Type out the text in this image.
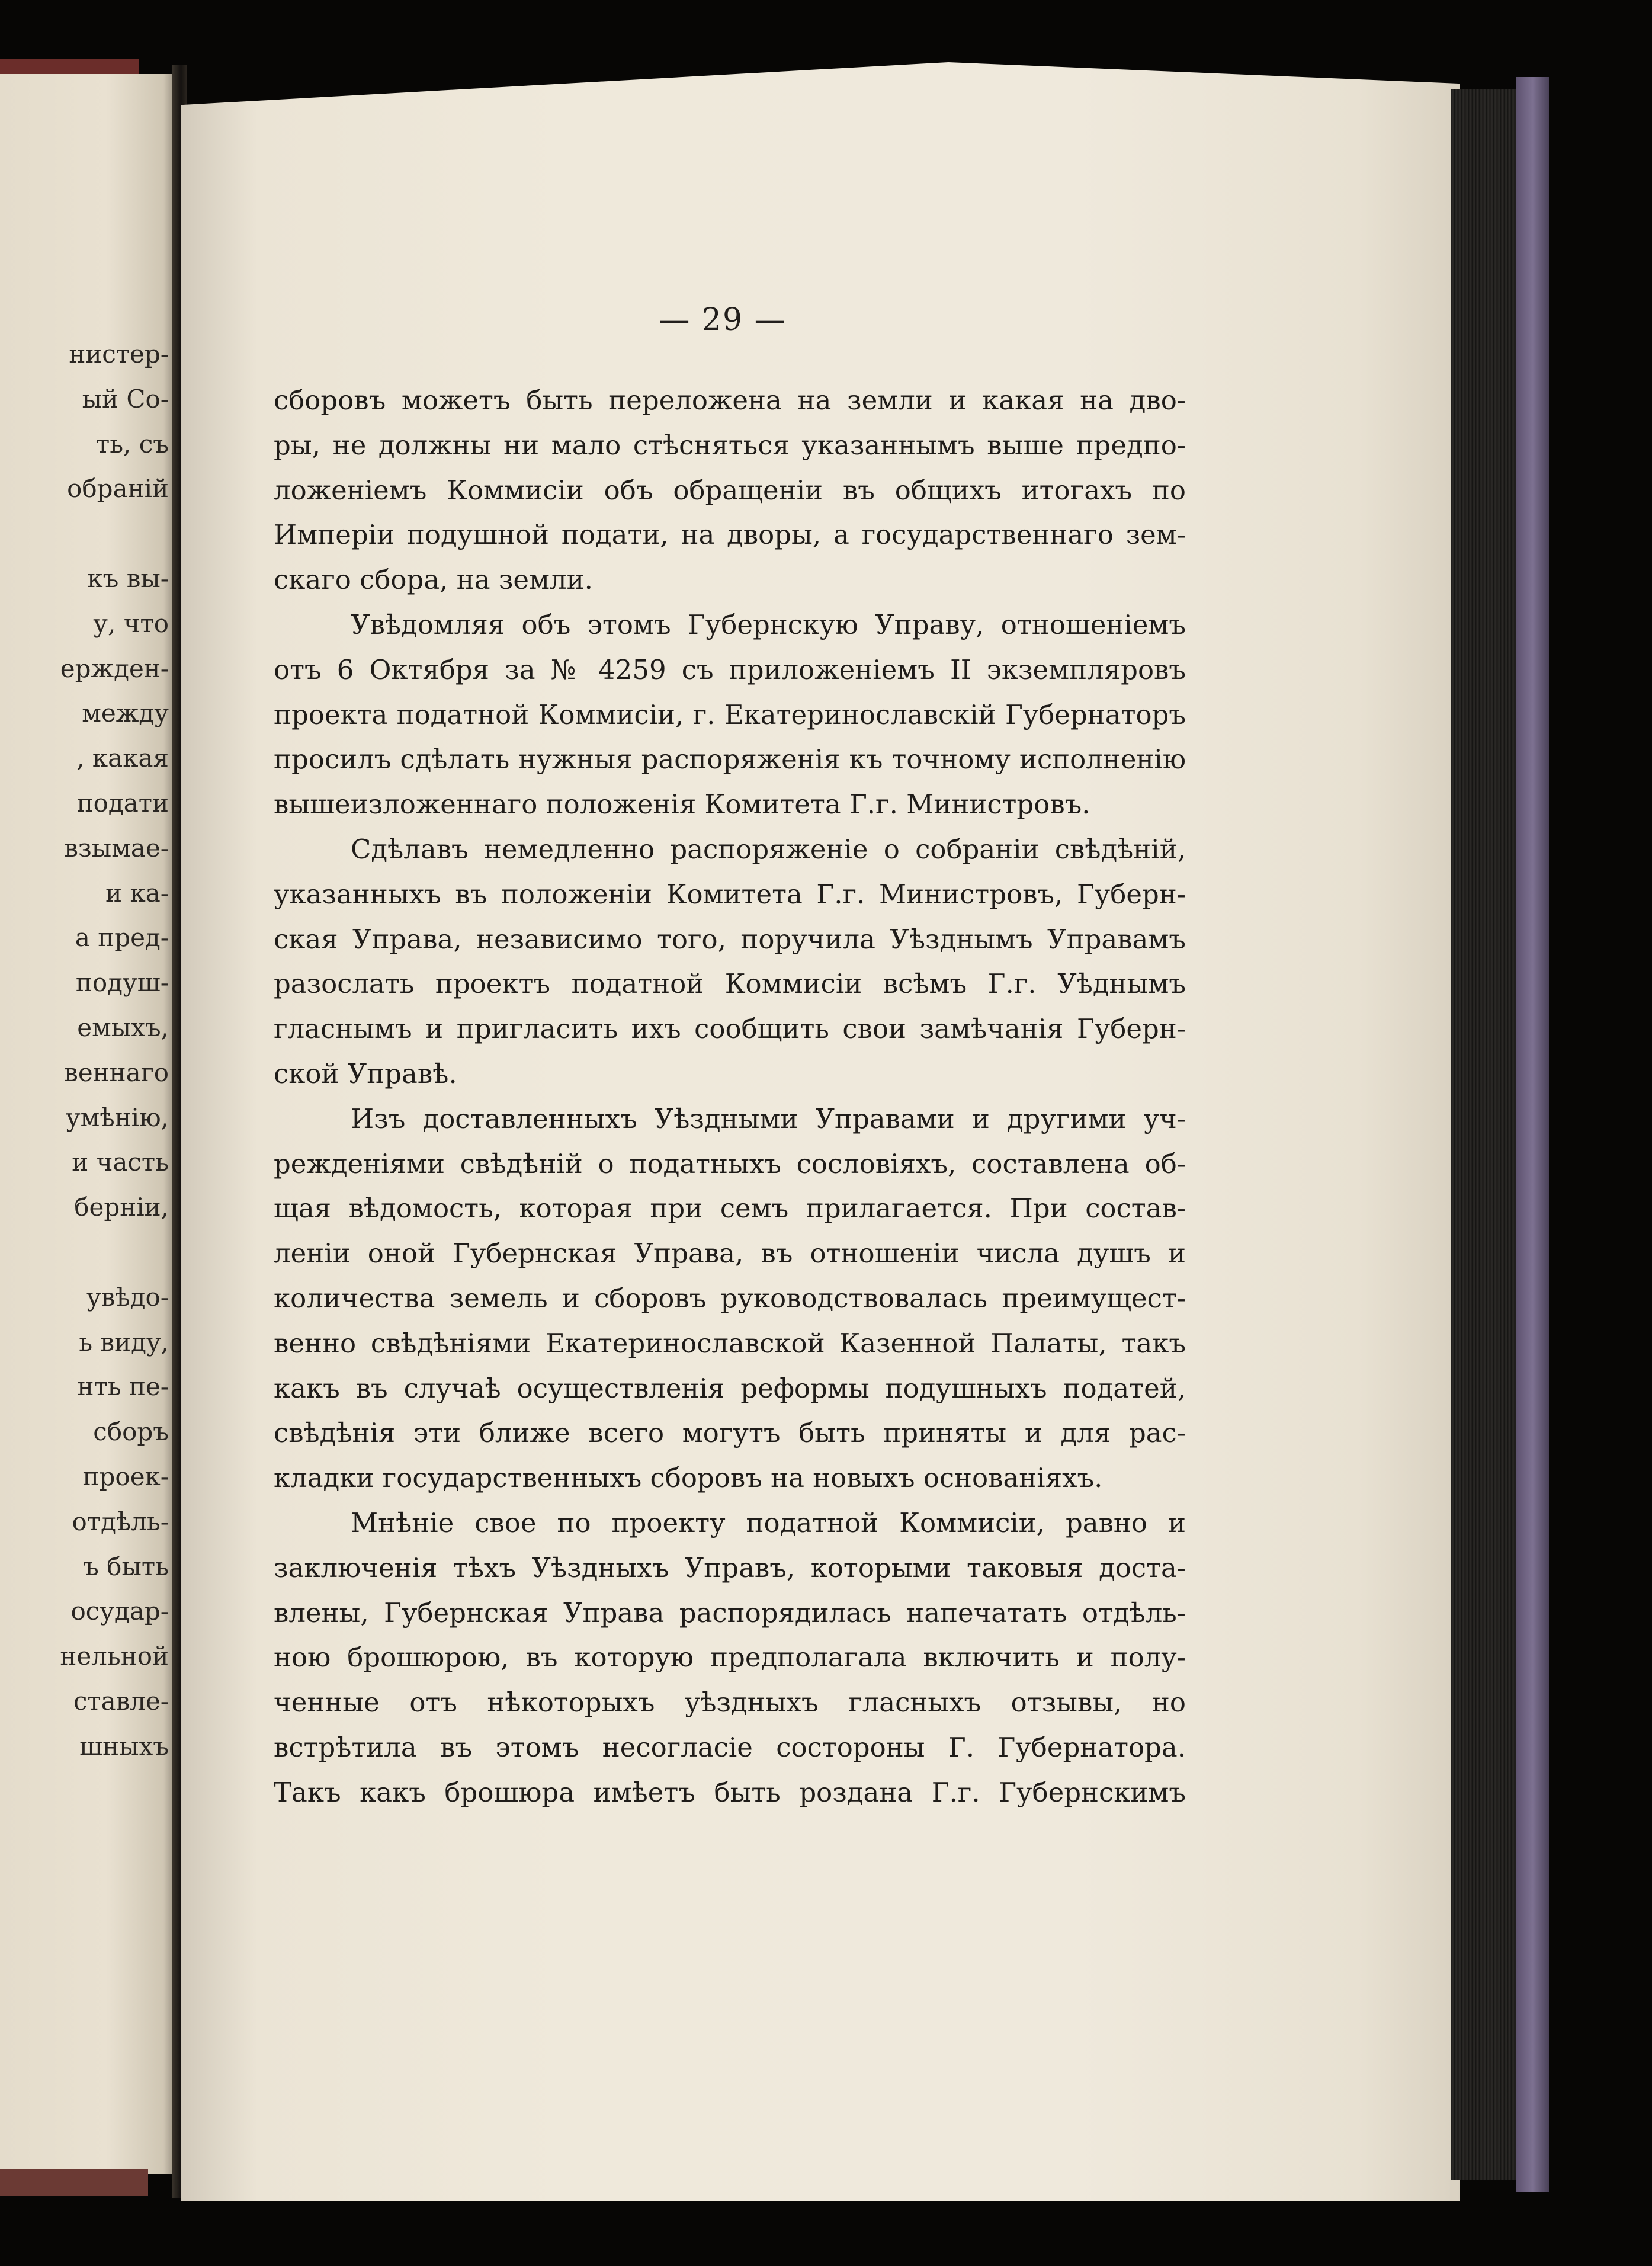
нистер-
ый Со-
ть, съ
обраній
къ вы-
у, что
ержден-
между
, какая
подати
взымае-
и ка-
а пред-
подуш-
емыхъ,
веннаго
умѣнію,
и часть
берніи,
увѣдо-
ь виду,
нть пе-
сборъ
проек-
отдѣль-
ъ быть
осудар-
нельной
ставле-
шныхъ
— 29 —
сборовъ можетъ быть переложена на земли и какая на дво-
ры, не должны ни мало стѣсняться указаннымъ выше предпо-
ложеніемъ Коммисіи объ обращеніи въ общихъ итогахъ по
Имперіи подушной подати, на дворы, а государственнаго зем-
скаго сбора, на земли.
Увѣдомляя объ этомъ Губернскую Управу, отношеніемъ
отъ 6 Октября за № 4259 съ приложеніемъ II экземпляровъ
проекта податной Коммисіи, г. Екатеринославскій Губернаторъ
просилъ сдѣлать нужныя распоряженія къ точному исполненію
вышеизложеннаго положенія Комитета Г.г. Министровъ.
Сдѣлавъ немедленно распоряженіе о собраніи свѣдѣній,
указанныхъ въ положеніи Комитета Г.г. Министровъ, Губерн-
ская Управа, независимо того, поручила Уѣзднымъ Управамъ
разослать проектъ податной Коммисіи всѣмъ Г.г. Уѣднымъ
гласнымъ и пригласить ихъ сообщить свои замѣчанія Губерн-
ской Управѣ.
Изъ доставленныхъ Уѣздными Управами и другими уч-
режденіями свѣдѣній о податныхъ сословіяхъ, составлена об-
щая вѣдомость, которая при семъ прилагается. При состав-
леніи оной Губернская Управа, въ отношеніи числа душъ и
количества земель и сборовъ руководствовалась преимущест-
венно свѣдѣніями Екатеринославской Казенной Палаты, такъ
какъ въ случаѣ осуществленія реформы подушныхъ податей,
свѣдѣнія эти ближе всего могутъ быть приняты и для рас-
кладки государственныхъ сборовъ на новыхъ основаніяхъ.
Мнѣніе свое по проекту податной Коммисіи, равно и
заключенія тѣхъ Уѣздныхъ Управъ, которыми таковыя доста-
влены, Губернская Управа распорядилась напечатать отдѣль-
ною брошюрою, въ которую предполагала включить и полу-
ченные отъ нѣкоторыхъ уѣздныхъ гласныхъ отзывы, но
встрѣтила въ этомъ несогласіе состороны Г. Губернатора.
Такъ какъ брошюра имѣетъ быть роздана Г.г. Губернскимъ
